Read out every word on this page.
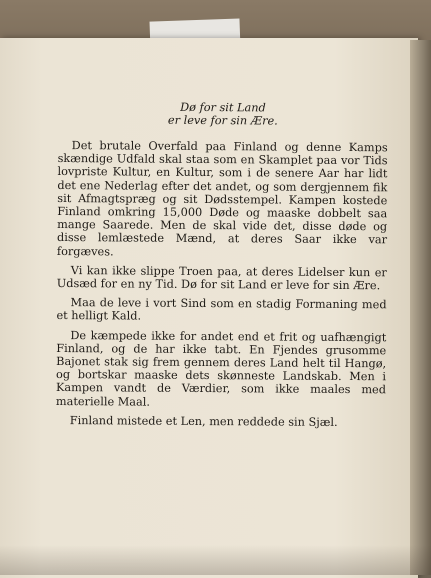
Dø for sit Land
er leve for sin Ære.

Det brutale Overfald paa Finland og denne Kamps skændige Udfald skal staa som en Skamplet paa vor Tids lovpriste Kultur, en Kultur, som i de senere Aar har lidt det ene Nederlag efter det andet, og som dergjennem fik sit Afmagtspræg og sit Dødsstempel. Kampen kostede Finland omkring 15,000 Døde og maaske dobbelt saa mange Saarede. Men de skal vide det, disse døde og disse lemlæstede Mænd, at deres Saar ikke var forgæves.

Vi kan ikke slippe Troen paa, at deres Lidelser kun er Udsæd for en ny Tid. Dø for sit Land er leve for sin Ære.

Maa de leve i vort Sind som en stadig Formaning med et helligt Kald.

De kæmpede ikke for andet end et frit og uafhængigt Finland, og de har ikke tabt. En Fjendes grusomme Bajonet stak sig frem gennem deres Land helt til Hangø, og bortskar maaske dets skønneste Landskab. Men i Kampen vandt de Værdier, som ikke maales med materielle Maal.

Finland mistede et Len, men reddede sin Sjæl.
